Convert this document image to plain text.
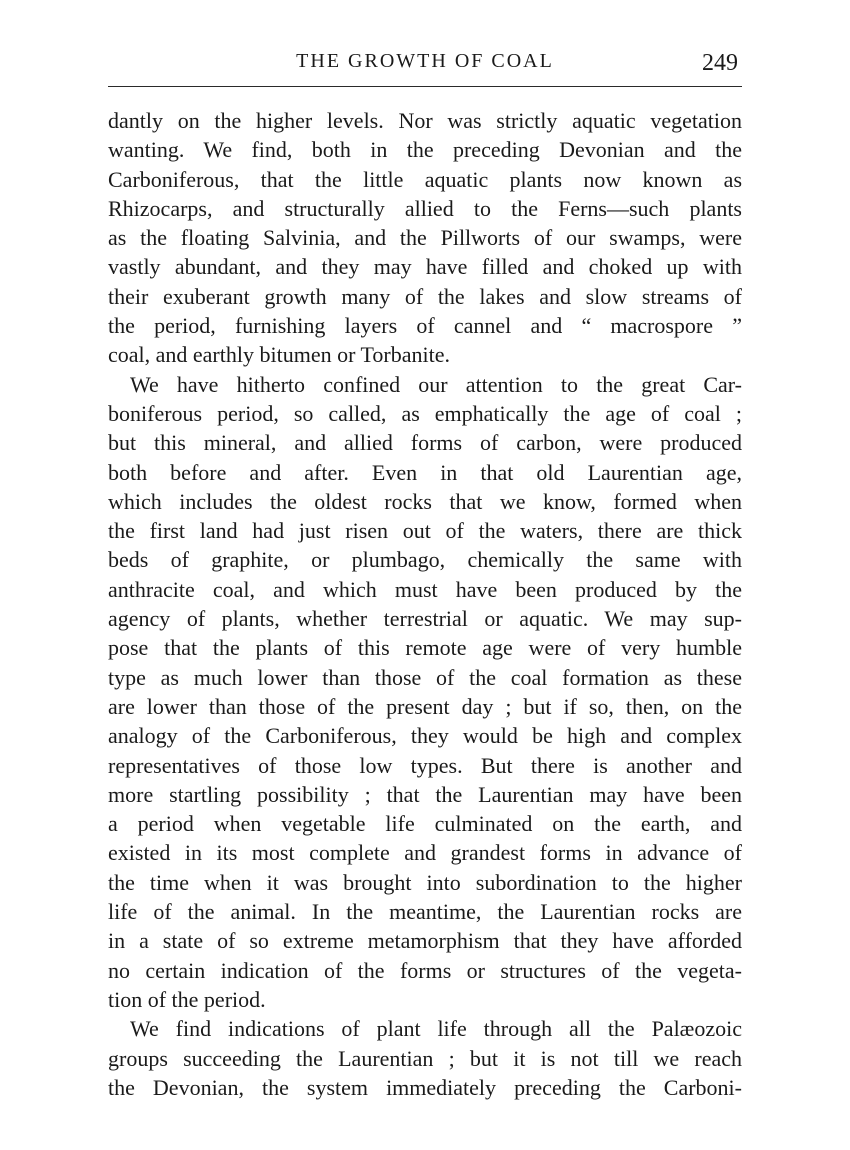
THE GROWTH OF COAL	249
dantly on the higher levels. Nor was strictly aquatic vegetation
wanting. We find, both in the preceding Devonian and the
Carboniferous, that the little aquatic plants now known as
Rhizocarps, and structurally allied to the Ferns—such plants
as the floating Salvinia, and the Pillworts of our swamps, were
vastly abundant, and they may have filled and choked up with
their exuberant growth many of the lakes and slow streams of
the period, furnishing layers of cannel and “ macrospore ”
coal, and earthly bitumen or Torbanite.
We have hitherto confined our attention to the great Car-
boniferous period, so called, as emphatically the age of coal ;
but this mineral, and allied forms of carbon, were produced
both before and after. Even in that old Laurentian age,
which includes the oldest rocks that we know, formed when
the first land had just risen out of the waters, there are thick
beds of graphite, or plumbago, chemically the same with
anthracite coal, and which must have been produced by the
agency of plants, whether terrestrial or aquatic. We may sup-
pose that the plants of this remote age were of very humble
type as much lower than those of the coal formation as these
are lower than those of the present day ; but if so, then, on the
analogy of the Carboniferous, they would be high and complex
representatives of those low types. But there is another and
more startling possibility ; that the Laurentian may have been
a period when vegetable life culminated on the earth, and
existed in its most complete and grandest forms in advance of
the time when it was brought into subordination to the higher
life of the animal. In the meantime, the Laurentian rocks are
in a state of so extreme metamorphism that they have afforded
no certain indication of the forms or structures of the vegeta-
tion of the period.
We find indications of plant life through all the Palæozoic
groups succeeding the Laurentian ; but it is not till we reach
the Devonian, the system immediately preceding the Carboni-
